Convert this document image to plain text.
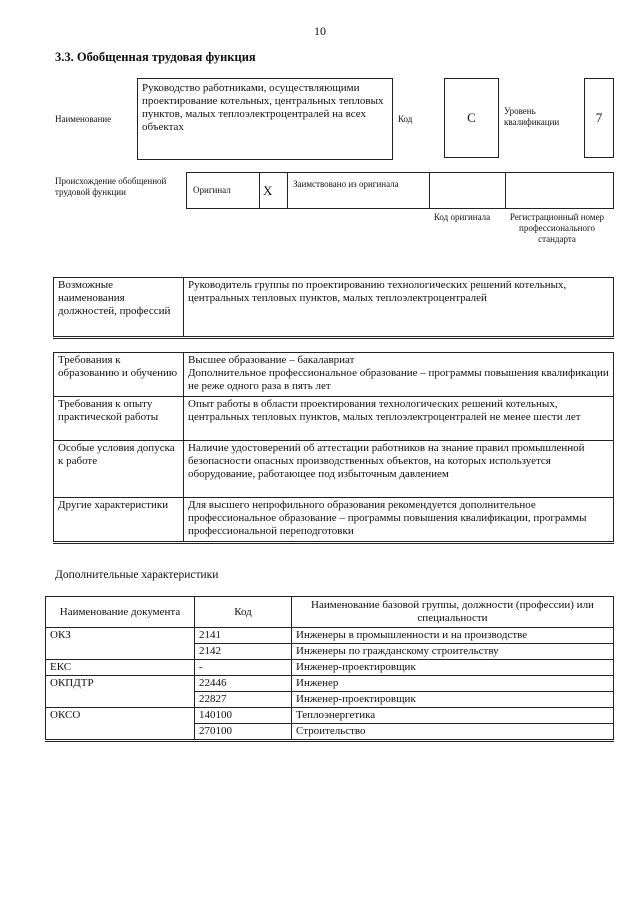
10
3.3. Обобщенная трудовая функция
Наименование
Руководство работниками, осуществляющими проектирование котельных, центральных тепловых пунктов, малых теплоэлектроцентралей на всех объектах
Код	C	Уровень квалификации	7
Происхождение обобщенной трудовой функции	Оригинал X Заимствовано из оригинала
Код оригинала	Регистрационный номер профессионального стандарта
Возможные наименования должностей, профессий	Руководитель группы по проектированию технологических решений котельных, центральных тепловых пунктов, малых теплоэлектроцентралей
Требования к образованию и обучению	Высшее образование – бакалавриат
Дополнительное профессиональное образование – программы повышения квалификации не реже одного раза в пять лет
Требования к опыту практической работы	Опыт работы в области проектирования технологических решений котельных, центральных тепловых пунктов, малых теплоэлектроцентралей не менее шести лет
Особые условия допуска к работе	Наличие удостоверений об аттестации работников на знание правил промышленной безопасности опасных производственных объектов, на которых используется оборудование, работающее под избыточным давлением
Другие характеристики	Для высшего непрофильного образования рекомендуется дополнительное профессиональное образование – программы повышения квалификации, программы профессиональной переподготовки
Дополнительные характеристики
Наименование документа	Код	Наименование базовой группы, должности (профессии) или специальности
ОКЗ	2141	Инженеры в промышленности и на производстве
	2142	Инженеры по гражданскому строительству
ЕКС	-	Инженер-проектировщик
ОКПДТР	22446	Инженер
	22827	Инженер-проектировщик
ОКСО	140100	Теплоэнергетика
	270100	Строительство
